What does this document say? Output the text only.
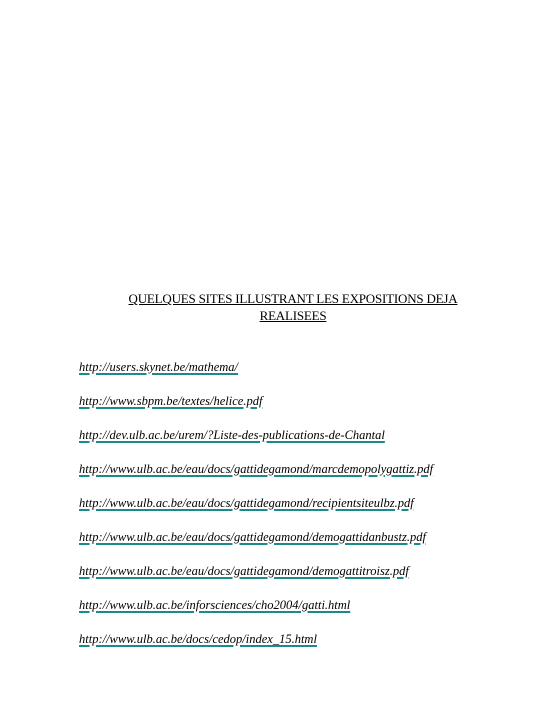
QUELQUES SITES ILLUSTRANT LES EXPOSITIONS DEJA
REALISEES
http://users.skynet.be/mathema/
http://www.sbpm.be/textes/helice.pdf
http://dev.ulb.ac.be/urem/?Liste-des-publications-de-Chantal
http://www.ulb.ac.be/eau/docs/gattidegamond/marcdemopolygattiz.pdf
http://www.ulb.ac.be/eau/docs/gattidegamond/recipientsiteulbz.pdf
http://www.ulb.ac.be/eau/docs/gattidegamond/demogattidanbustz.pdf
http://www.ulb.ac.be/eau/docs/gattidegamond/demogattitroisz.pdf
http://www.ulb.ac.be/inforsciences/cho2004/gatti.html
http://www.ulb.ac.be/docs/cedop/index_15.html
